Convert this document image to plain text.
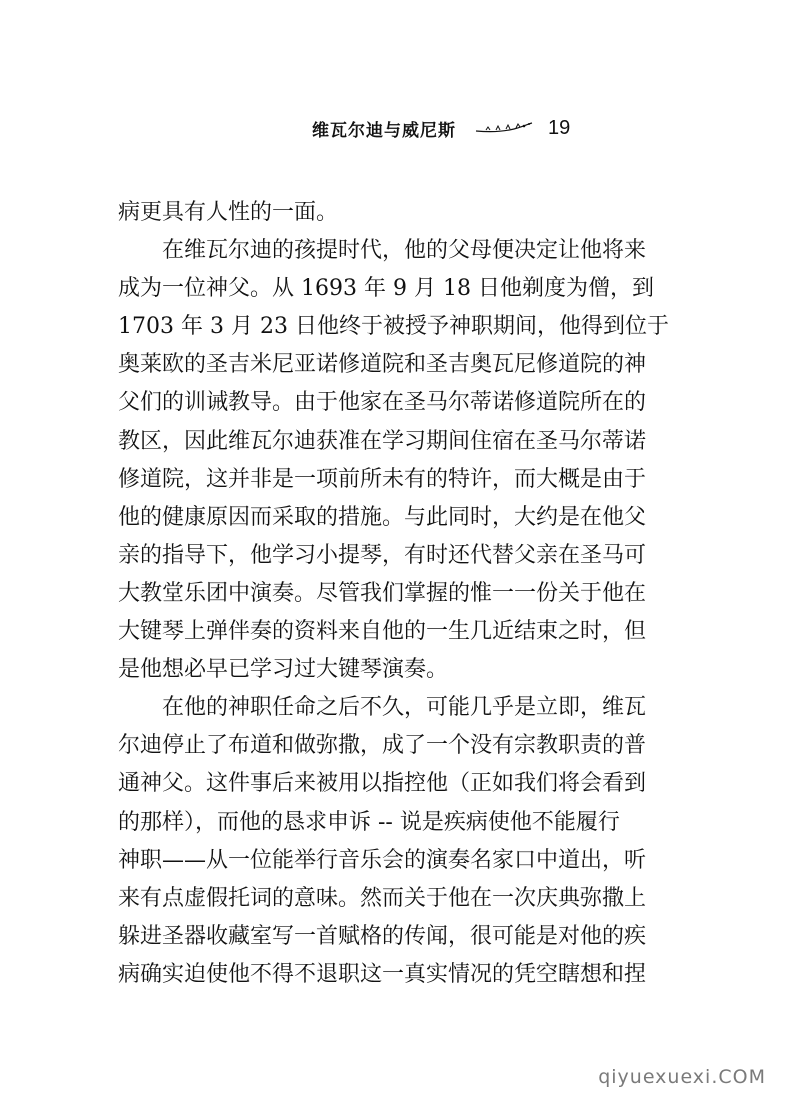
维瓦尔迪与威尼斯	19

病更具有人性的一面。

在维瓦尔迪的孩提时代，他的父母便决定让他将来
成为一位神父。从 1693 年 9 月 18 日他剃度为僧，到
1703 年 3 月 23 日他终于被授予神职期间，他得到位于
奥莱欧的圣吉米尼亚诺修道院和圣吉奥瓦尼修道院的神
父们的训诫教导。由于他家在圣马尔蒂诺修道院所在的
教区，因此维瓦尔迪获准在学习期间住宿在圣马尔蒂诺
修道院，这并非是一项前所未有的特许，而大概是由于
他的健康原因而采取的措施。与此同时，大约是在他父
亲的指导下，他学习小提琴，有时还代替父亲在圣马可
大教堂乐团中演奏。尽管我们掌握的惟一一份关于他在
大键琴上弹伴奏的资料来自他的一生几近结束之时，但
是他想必早已学习过大键琴演奏。

在他的神职任命之后不久，可能几乎是立即，维瓦
尔迪停止了布道和做弥撒，成了一个没有宗教职责的普
通神父。这件事后来被用以指控他（正如我们将会看到
的那样），而他的恳求申诉 -- 说是疾病使他不能履行
神职——从一位能举行音乐会的演奏名家口中道出，听
来有点虚假托词的意味。然而关于他在一次庆典弥撒上
躲进圣器收藏室写一首赋格的传闻，很可能是对他的疾
病确实迫使他不得不退职这一真实情况的凭空瞎想和捏

qiyuexuexi.COM
